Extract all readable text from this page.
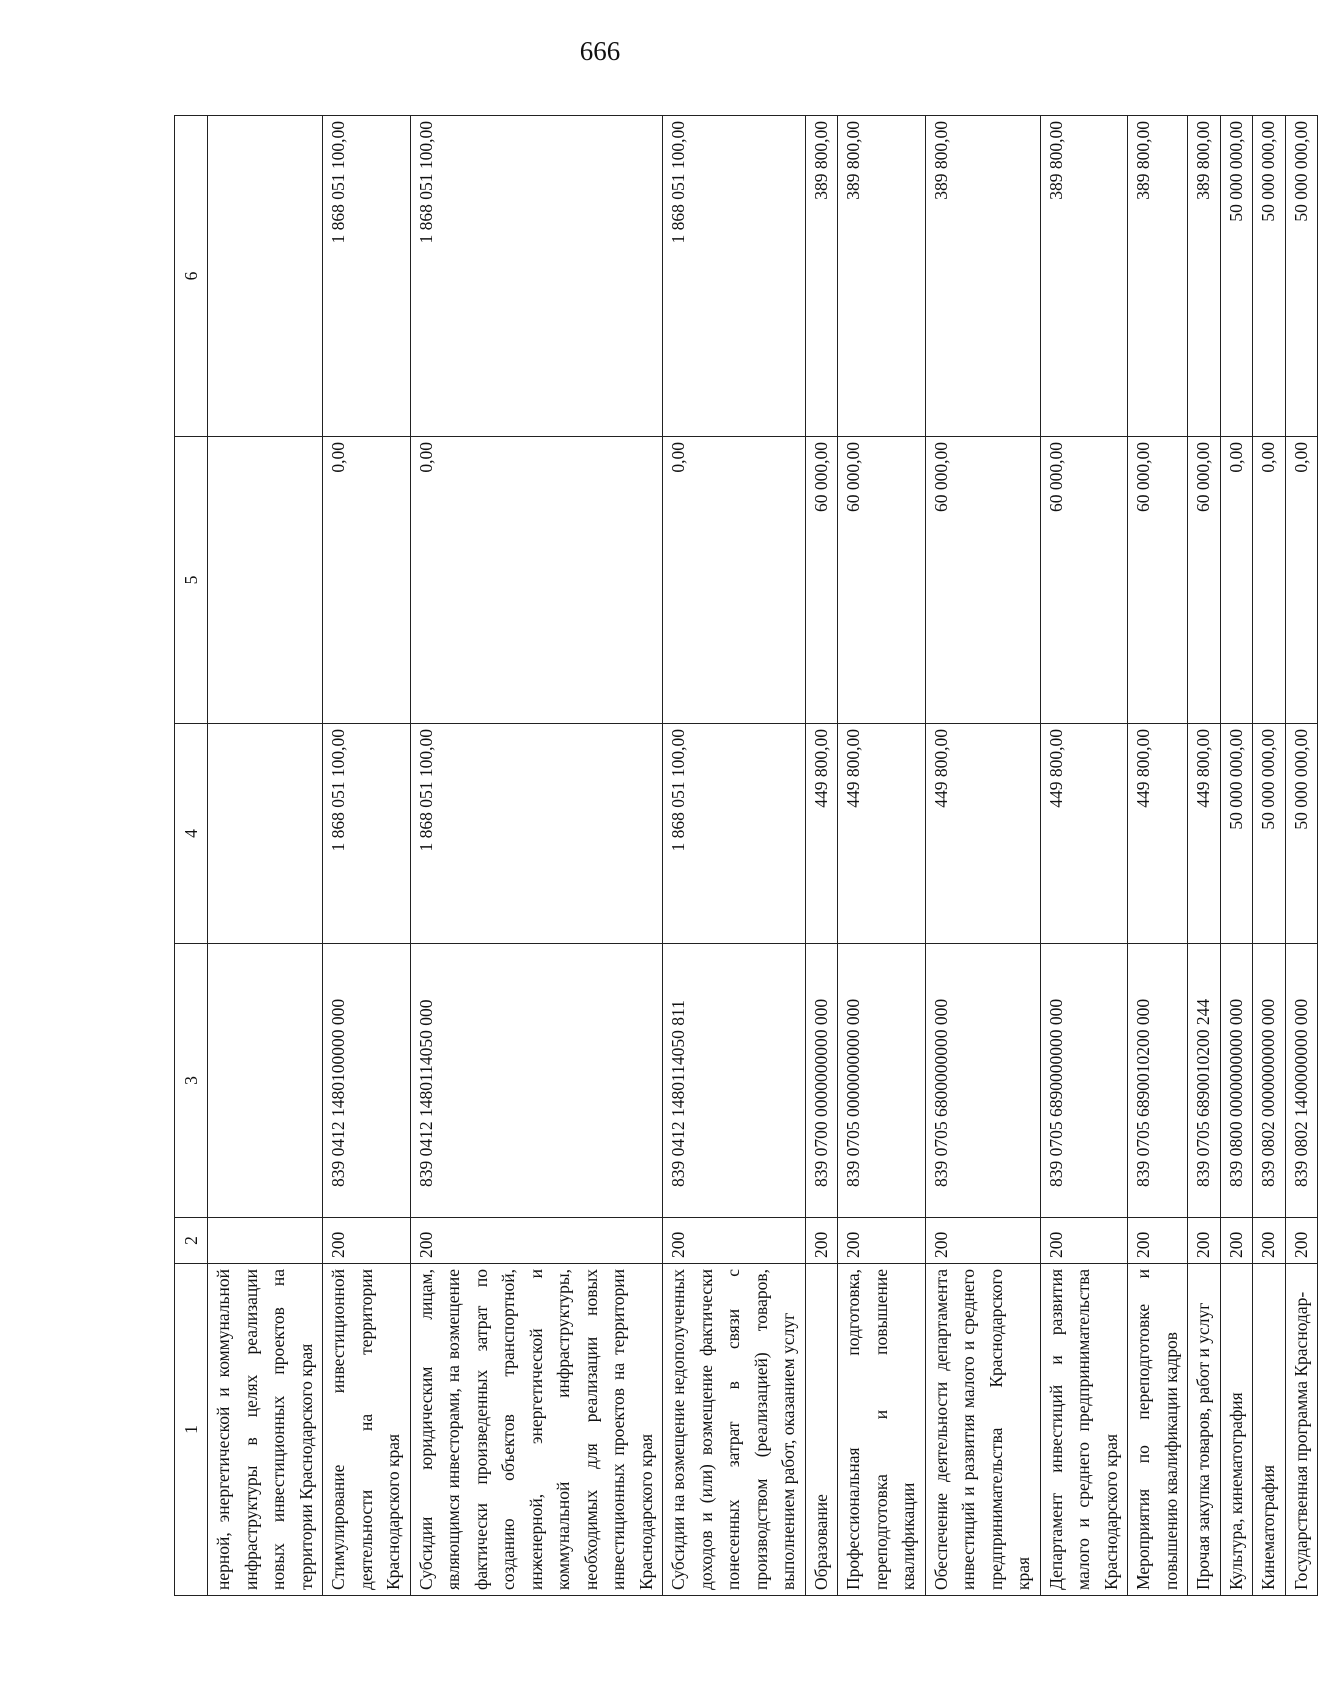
666
1	2	3	4	5	6
нерной, энергетической и коммунальной инфраструктуры в целях реализации новых инвестиционных проектов на территории Краснодарского края					
Стимулирование инвестиционной деятельности на территории Краснодарского края	200	839 0412 1480100000 000	1 868 051 100,00	0,00	1 868 051 100,00
Субсидии юридическим лицам, являющимся инвесторами, на возмещение фактически произведенных затрат по созданию объектов транспортной, инженерной, энергетической и коммунальной инфраструктуры, необходимых для реализации новых инвестиционных проектов на территории Краснодарского края	200	839 0412 1480114050 000	1 868 051 100,00	0,00	1 868 051 100,00
Субсидии на возмещение недополученных доходов и (или) возмещение фактически понесенных затрат в связи с производством (реализацией) товаров, выполнением работ, оказанием услуг	200	839 0412 1480114050 811	1 868 051 100,00	0,00	1 868 051 100,00
Образование	200	839 0700 0000000000 000	449 800,00	60 000,00	389 800,00
Профессиональная подготовка, переподготовка и повышение квалификации	200	839 0705 0000000000 000	449 800,00	60 000,00	389 800,00
Обеспечение деятельности департамента инвестиций и развития малого и среднего предпринимательства Краснодарского края	200	839 0705 6800000000 000	449 800,00	60 000,00	389 800,00
Департамент инвестиций и развития малого и среднего предпринимательства Краснодарского края	200	839 0705 6890000000 000	449 800,00	60 000,00	389 800,00
Мероприятия по переподготовке и повышению квалификации кадров	200	839 0705 6890010200 000	449 800,00	60 000,00	389 800,00
Прочая закупка товаров, работ и услуг	200	839 0705 6890010200 244	449 800,00	60 000,00	389 800,00
Культура, кинематография	200	839 0800 0000000000 000	50 000 000,00	0,00	50 000 000,00
Кинематография	200	839 0802 0000000000 000	50 000 000,00	0,00	50 000 000,00
Государственная программа Краснодар-	200	839 0802 1400000000 000	50 000 000,00	0,00	50 000 000,00
